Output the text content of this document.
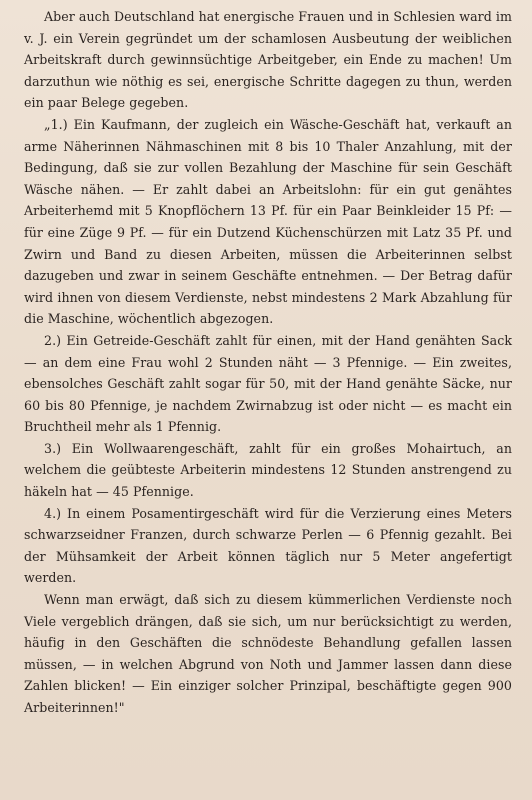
Aber auch Deutschland hat energische Frauen und in Schlesien ward im v. J. ein Verein gegründet um der schamlosen Ausbeutung der weiblichen Arbeitskraft durch gewinnsüchtige Arbeitgeber, ein Ende zu machen! Um darzuthun wie nöthig es sei, energische Schritte dagegen zu thun, werden ein paar Belege gegeben.

„1.) Ein Kaufmann, der zugleich ein Wäsche-Geschäft hat, verkauft an arme Näherinnen Nähmaschinen mit 8 bis 10 Thaler Anzahlung, mit der Bedingung, daß sie zur vollen Bezahlung der Maschine für sein Geschäft Wäsche nähen. — Er zahlt dabei an Arbeitslohn: für ein gut genähtes Arbeiterhemd mit 5 Knopflöchern 13 Pf. für ein Paar Beinkleider 15 Pf: — für eine Züge 9 Pf. — für ein Dutzend Küchenschürzen mit Latz 35 Pf. und Zwirn und Band zu diesen Arbeiten, müssen die Arbeiterinnen selbst dazugeben und zwar in seinem Geschäfte entnehmen. — Der Betrag dafür wird ihnen von diesem Verdienste, nebst mindestens 2 Mark Abzahlung für die Maschine, wöchentlich abgezogen.

2.) Ein Getreide-Geschäft zahlt für einen, mit der Hand genähten Sack — an dem eine Frau wohl 2 Stunden näht — 3 Pfennige. — Ein zweites, ebensolches Geschäft zahlt sogar für 50, mit der Hand genähte Säcke, nur 60 bis 80 Pfennige, je nachdem Zwirnabzug ist oder nicht — es macht ein Bruchtheil mehr als 1 Pfennig.

3.) Ein Wollwaarengeschäft, zahlt für ein großes Mohairtuch, an welchem die geübteste Arbeiterin mindestens 12 Stunden anstrengend zu häkeln hat — 45 Pfennige.

4.) In einem Posamentirgeschäft wird für die Verzierung eines Meters schwarzseidner Franzen, durch schwarze Perlen — 6 Pfennig gezahlt. Bei der Mühsamkeit der Arbeit können täglich nur 5 Meter angefertigt werden.

Wenn man erwägt, daß sich zu diesem kümmerlichen Verdienste noch Viele vergeblich drängen, daß sie sich, um nur berücksichtigt zu werden, häufig in den Geschäften die schnödeste Behandlung gefallen lassen müssen, — in welchen Abgrund von Noth und Jammer lassen dann diese Zahlen blicken! — Ein einziger solcher Prinzipal, beschäftigte gegen 900 Arbeiterinnen!"
